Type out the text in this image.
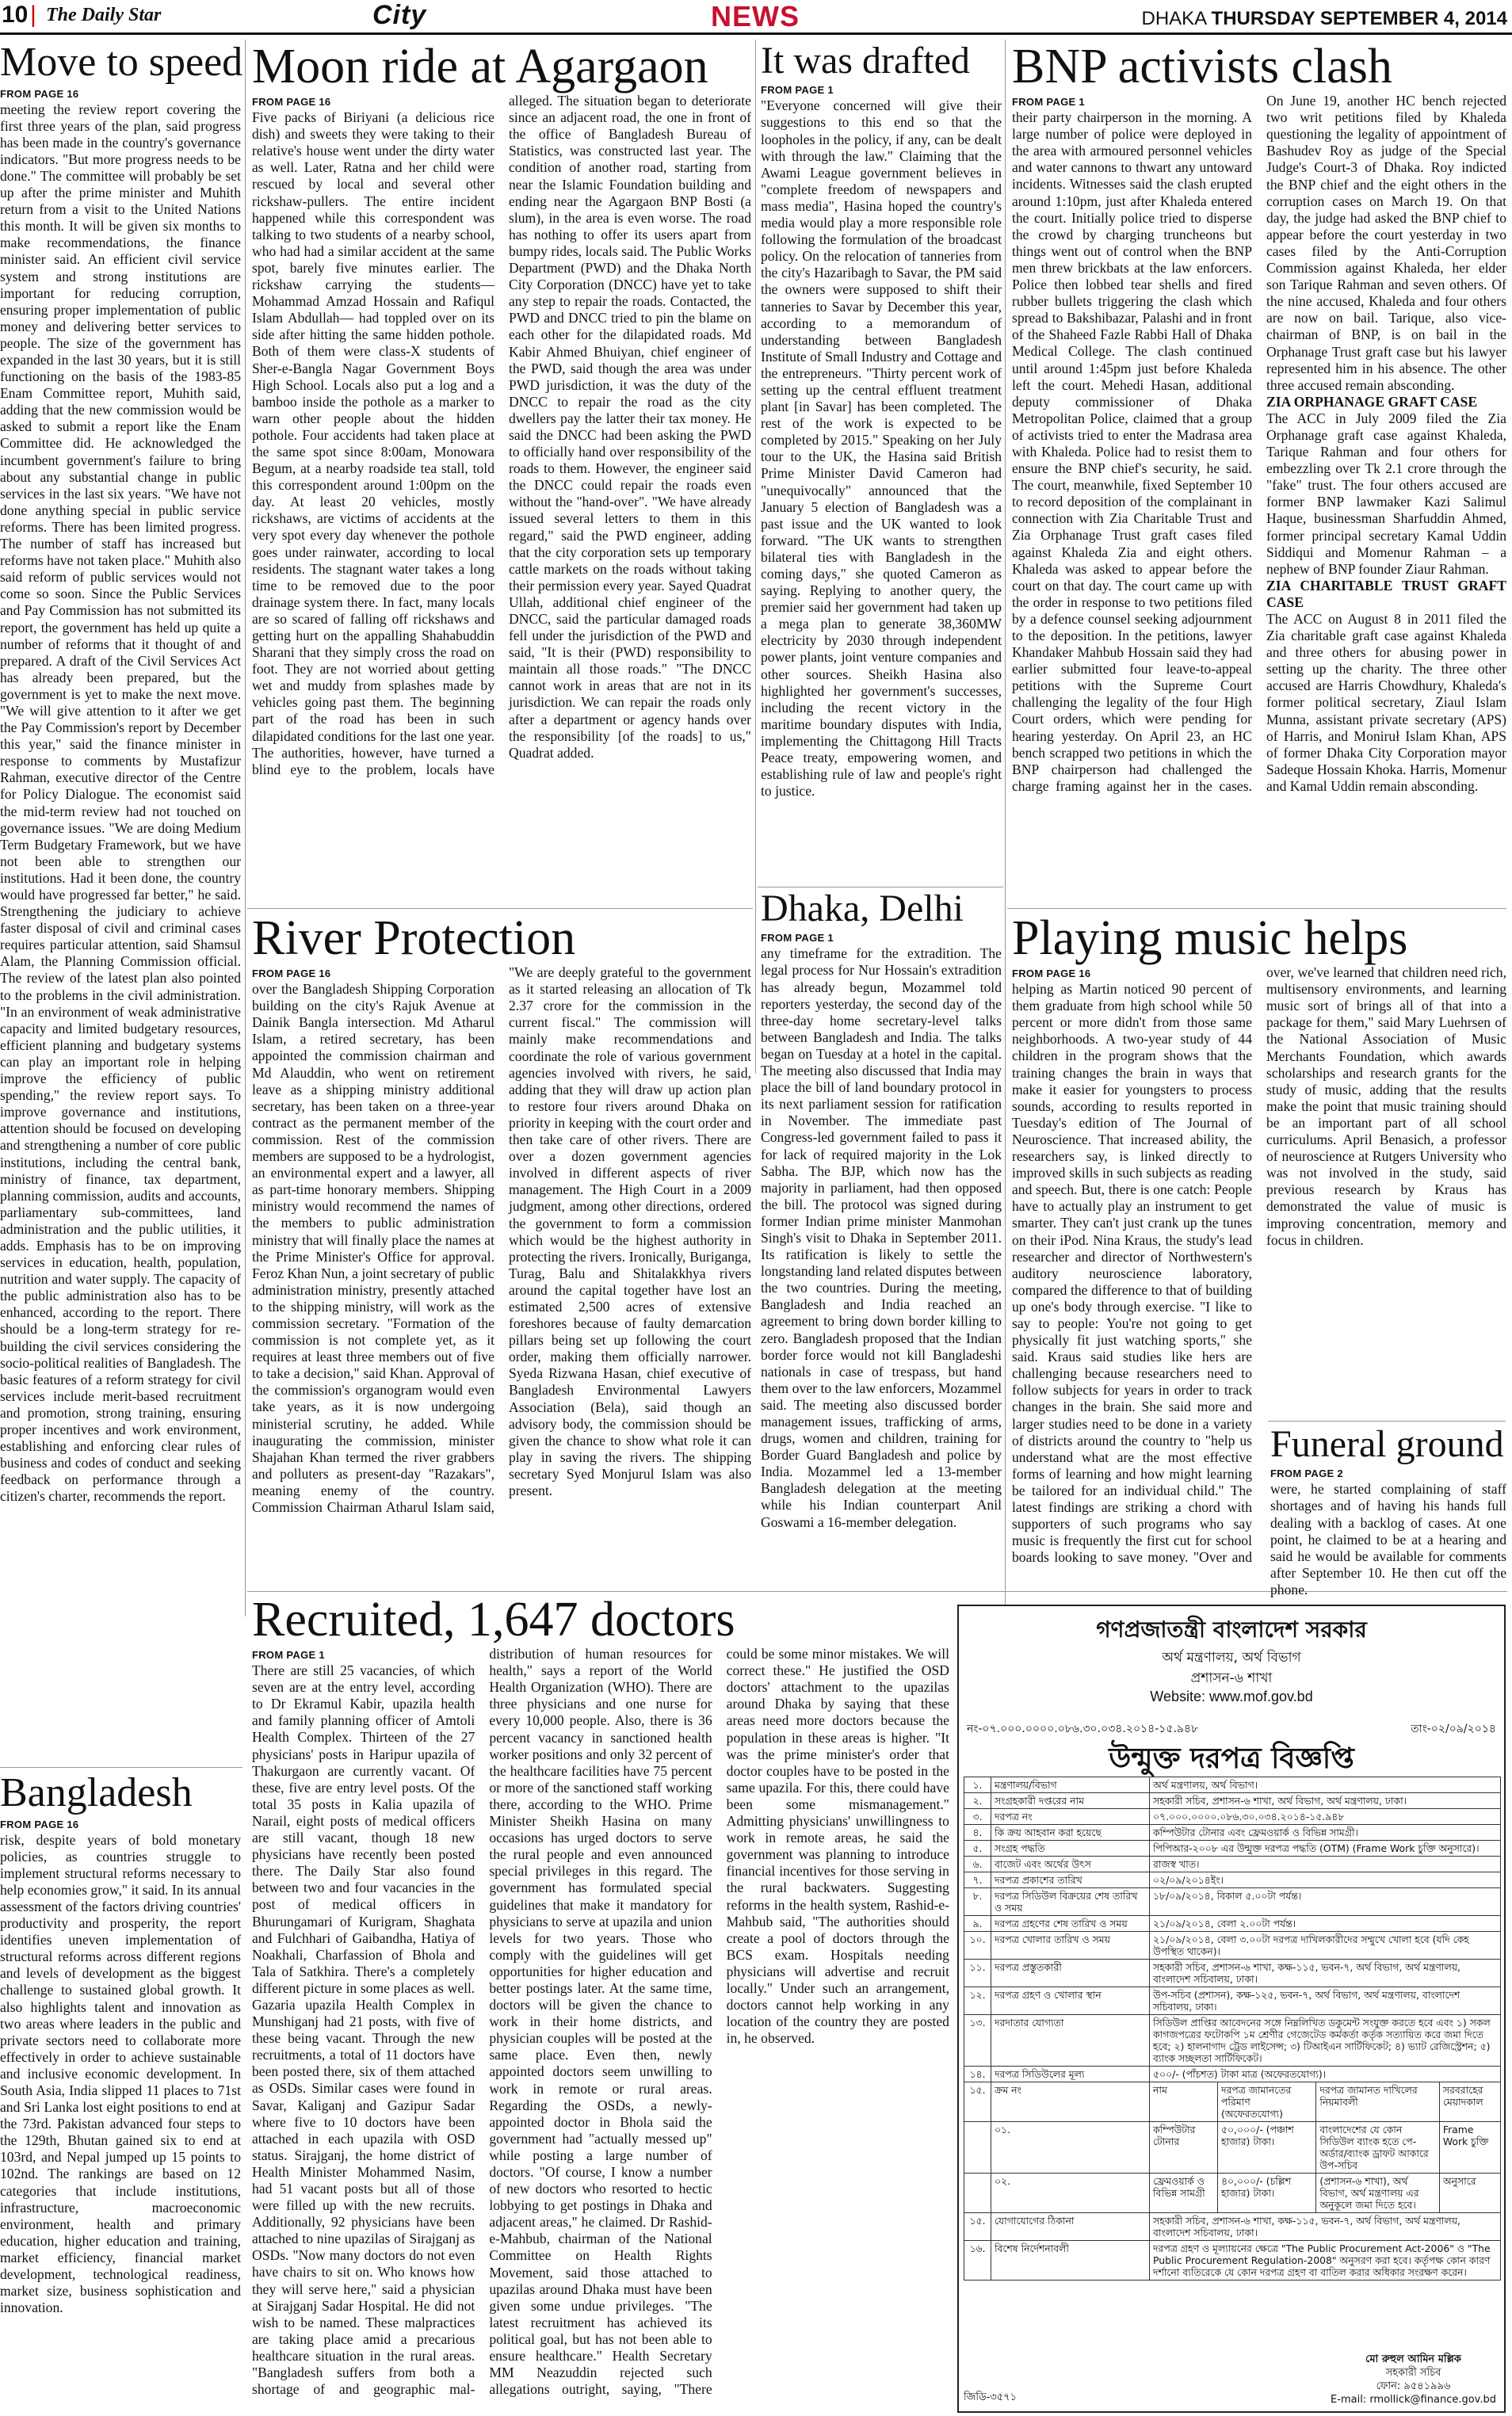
10 | The Daily Star	City	NEWS	DHAKA THURSDAY SEPTEMBER 4, 2014
Move to speed
FROM PAGE 16
meeting the review report covering the first three years of the plan, said progress has been made in the country's governance indicators. "But more progress needs to be done." The committee will probably be set up after the prime minister and Muhith return from a visit to the United Nations this month. It will be given six months to make recommendations, the finance minister said. An efficient civil service system and strong institutions are important for reducing corruption, ensuring proper implementation of public money and delivering better services to people. The size of the government has expanded in the last 30 years, but it is still functioning on the basis of the 1983-85 Enam Committee report, Muhith said, adding that the new commission would be asked to submit a report like the Enam Committee did. He acknowledged the incumbent government's failure to bring about any substantial change in public services in the last six years. "We have not done anything special in public service reforms. There has been limited progress. The number of staff has increased but reforms have not taken place." Muhith also said reform of public services would not come so soon. Since the Public Services and Pay Commission has not submitted its report, the government has held up quite a number of reforms that it thought of and prepared. A draft of the Civil Services Act has already been prepared, but the government is yet to make the next move. "We will give attention to it after we get the Pay Commission's report by December this year," said the finance minister in response to comments by Mustafizur Rahman, executive director of the Centre for Policy Dialogue. The economist said the mid-term review had not touched on governance issues. "We are doing Medium Term Budgetary Framework, but we have not been able to strengthen our institutions. Had it been done, the country would have progressed far better," he said. Strengthening the judiciary to achieve faster disposal of civil and criminal cases requires particular attention, said Shamsul Alam, the Planning Commission official. The review of the latest plan also pointed to the problems in the civil administration. "In an environment of weak administrative capacity and limited budgetary resources, efficient planning and budgetary systems can play an important role in helping improve the efficiency of public spending," the review report says. To improve governance and institutions, attention should be focused on developing and strengthening a number of core public institutions, including the central bank, ministry of finance, tax department, planning commission, audits and accounts, parliamentary sub-committees, land administration and the public utilities, it adds. Emphasis has to be on improving services in education, health, population, nutrition and water supply. The capacity of the public administration also has to be enhanced, according to the report. There should be a long-term strategy for re-building the civil services considering the socio-political realities of Bangladesh. The basic features of a reform strategy for civil services include merit-based recruitment and promotion, strong training, ensuring proper incentives and work environment, establishing and enforcing clear rules of business and codes of conduct and seeking feedback on performance through a citizen's charter, recommends the report.
Moon ride at Agargaon
FROM PAGE 16

Five packs of Biriyani (a delicious rice dish) and sweets they were taking to their relative's house went under the dirty water as well. Later, Ratna and her child were rescued by local and several other rickshaw-pullers. The entire incident happened while this correspondent was talking to two students of a nearby school, who had had a similar accident at the same spot, barely five minutes earlier. The rickshaw carrying the students—Mohammad Amzad Hossain and Rafiqul Islam Abdullah— had toppled over on its side after hitting the same hidden pothole. Both of them were class-X students of Sher-e-Bangla Nagar Government Boys High School. Locals also put a log and a bamboo inside the pothole as a marker to warn other people about the hidden pothole. Four accidents had taken place at the same spot since 8:00am, Monowara Begum, at a nearby roadside tea stall, told this correspondent around 1:00pm on the day. At least 20 vehicles, mostly rickshaws, are victims of accidents at the very spot every day whenever the pothole goes under rainwater, according to local residents. The stagnant water takes a long time to be removed due to the poor drainage system there. In fact, many locals are so scared of falling off rickshaws and getting hurt on the appalling Shahabuddin Sharani that they simply cross the road on foot. They are not worried about getting wet and muddy from splashes made by vehicles going past them. The beginning part of the road has been in such dilapidated conditions for the last one year. The authorities, however, have turned a blind eye to the problem, locals have alleged. The situation began to deteriorate since an adjacent road, the one in front of the office of Bangladesh Bureau of Statistics, was constructed last year. The condition of another road, starting from near the Islamic Foundation building and ending near the Agargaon BNP Bosti (a slum), in the area is even worse. The road has nothing to offer its users apart from bumpy rides, locals said. The Public Works Department (PWD) and the Dhaka North City Corporation (DNCC) have yet to take any step to repair the roads. Contacted, the PWD and DNCC tried to pin the blame on each other for the dilapidated roads. Md Kabir Ahmed Bhuiyan, chief engineer of the PWD, said though the area was under PWD jurisdiction, it was the duty of the DNCC to repair the road as the city dwellers pay the latter their tax money. He said the DNCC had been asking the PWD to officially hand over responsibility of the roads to them. However, the engineer said the DNCC could repair the roads even without the "hand-over". "We have already issued several letters to them in this regard," said the PWD engineer, adding that the city corporation sets up temporary cattle markets on the roads without taking their permission every year. Sayed Quadrat Ullah, additional chief engineer of the DNCC, said the particular damaged roads fell under the jurisdiction of the PWD and said, "It is their (PWD) responsibility to maintain all those roads." "The DNCC cannot work in areas that are not in its jurisdiction. We can repair the roads only after a department or agency hands over the responsibility [of the roads] to us," Quadrat added.

It was drafted
FROM PAGE 1
"Everyone concerned will give their suggestions to this end so that the loopholes in the policy, if any, can be dealt with through the law." Claiming that the Awami League government believes in "complete freedom of newspapers and mass media", Hasina hoped the country's media would play a more responsible role following the formulation of the broadcast policy. On the relocation of tanneries from the city's Hazaribagh to Savar, the PM said the owners were supposed to shift their tanneries to Savar by December this year, according to a memorandum of understanding between Bangladesh Institute of Small Industry and Cottage and the entrepreneurs. "Thirty percent work of setting up the central effluent treatment plant [in Savar] has been completed. The rest of the work is expected to be completed by 2015." Speaking on her July tour to the UK, the Hasina said British Prime Minister David Cameron had "unequivocally" announced that the January 5 election of Bangladesh was a past issue and the UK wanted to look forward. "The UK wants to strengthen bilateral ties with Bangladesh in the coming days," she quoted Cameron as saying. Replying to another query, the premier said her government had taken up a mega plan to generate 38,360MW electricity by 2030 through independent power plants, joint venture companies and other sources. Sheikh Hasina also highlighted her government's successes, including the recent victory in the maritime boundary disputes with India, implementing the Chittagong Hill Tracts Peace treaty, empowering women, and establishing rule of law and people's right to justice.
BNP activists clash
FROM PAGE 1

their party chairperson in the morning. A large number of police were deployed in the area with armoured personnel vehicles and water cannons to thwart any untoward incidents. Witnesses said the clash erupted around 1:10pm, just after Khaleda entered the court. Initially police tried to disperse the crowd by charging truncheons but things went out of control when the BNP men threw brickbats at the law enforcers. Police then lobbed tear shells and fired rubber bullets triggering the clash which spread to Bakshibazar, Palashi and in front of the Shaheed Fazle Rabbi Hall of Dhaka Medical College. The clash continued until around 1:45pm just before Khaleda left the court. Mehedi Hasan, additional deputy commissioner of Dhaka Metropolitan Police, claimed that a group of activists tried to enter the Madrasa area with Khaleda. Police had to resist them to ensure the BNP chief's security, he said. The court, meanwhile, fixed September 10 to record deposition of the complainant in connection with Zia Charitable Trust and Zia Orphanage Trust graft cases filed against Khaleda Zia and eight others. Khaleda was asked to appear before the court on that day. The court came up with the order in response to two petitions filed by a defence counsel seeking adjournment to the deposition. In the petitions, lawyer Khandaker Mahbub Hossain said they had earlier submitted four leave-to-appeal petitions with the Supreme Court challenging the legality of the four High Court orders, which were pending for hearing yesterday. On April 23, an HC bench scrapped two petitions in which the BNP chairperson had challenged the charge framing against her in the cases. On June 19, another HC bench rejected two writ petitions filed by Khaleda questioning the legality of appointment of Bashudev Roy as judge of the Special Judge's Court-3 of Dhaka. Roy indicted the BNP chief and the eight others in the corruption cases on March 19. On that day, the judge had asked the BNP chief to appear before the court yesterday in two cases filed by the Anti-Corruption Commission against Khaleda, her elder son Tarique Rahman and seven others. Of the nine accused, Khaleda and four others are now on bail. Tarique, also vice-chairman of BNP, is on bail in the Orphanage Trust graft case but his lawyer represented him in his absence. The other three accused remain absconding.

ZIA ORPHANAGE GRAFT CASE

The ACC in July 2009 filed the Zia Orphanage graft case against Khaleda, Tarique Rahman and four others for embezzling over Tk 2.1 crore through the "fake" trust. The four others accused are former BNP lawmaker Kazi Salimul Haque, businessman Sharfuddin Ahmed, former principal secretary Kamal Uddin Siddiqui and Momenur Rahman – a nephew of BNP founder Ziaur Rahman.

ZIA CHARITABLE TRUST GRAFT CASE

The ACC on August 8 in 2011 filed the Zia charitable graft case against Khaleda and three others for abusing power in setting up the charity. The three other accused are Harris Chowdhury, Khaleda's former political secretary, Ziaul Islam Munna, assistant private secretary (APS) of Harris, and Moniruł Islam Khan, APS of former Dhaka City Corporation mayor Sadeque Hossain Khoka. Harris, Momenur and Kamal Uddin remain absconding.

River Protection
FROM PAGE 16

over the Bangladesh Shipping Corporation building on the city's Rajuk Avenue at Dainik Bangla intersection. Md Atharul Islam, a retired secretary, has been appointed the commission chairman and Md Alauddin, who went on retirement leave as a shipping ministry additional secretary, has been taken on a three-year contract as the permanent member of the commission. Rest of the commission members are supposed to be a hydrologist, an environmental expert and a lawyer, all as part-time honorary members. Shipping ministry would recommend the names of the members to public administration ministry that will finally place the names at the Prime Minister's Office for approval. Feroz Khan Nun, a joint secretary of public administration ministry, presently attached to the shipping ministry, will work as the commission secretary. "Formation of the commission is not complete yet, as it requires at least three members out of five to take a decision," said Khan. Approval of the commission's organogram would even take years, as it is now undergoing ministerial scrutiny, he added. While inaugurating the commission, minister Shajahan Khan termed the river grabbers and polluters as present-day "Razakars", meaning enemy of the country. Commission Chairman Atharul Islam said, "We are deeply grateful to the government as it started releasing an allocation of Tk 2.37 crore for the commission in the current fiscal." The commission will mainly make recommendations and coordinate the role of various government agencies involved with rivers, he said, adding that they will draw up action plan to restore four rivers around Dhaka on priority in keeping with the court order and then take care of other rivers. There are over a dozen government agencies involved in different aspects of river management. The High Court in a 2009 judgment, among other directions, ordered the government to form a commission which would be the highest authority in protecting the rivers. Ironically, Buriganga, Turag, Balu and Shitalakkhya rivers around the capital together have lost an estimated 2,500 acres of extensive foreshores because of faulty demarcation pillars being set up following the court order, making them officially narrower. Syeda Rizwana Hasan, chief executive of Bangladesh Environmental Lawyers Association (Bela), said though an advisory body, the commission should be given the chance to show what role it can play in saving the rivers. The shipping secretary Syed Monjurul Islam was also present.

Dhaka, Delhi
FROM PAGE 1
any timeframe for the extradition. The legal process for Nur Hossain's extradition has already begun, Mozammel told reporters yesterday, the second day of the three-day home secretary-level talks between Bangladesh and India. The talks began on Tuesday at a hotel in the capital. The meeting also discussed that India may place the bill of land boundary protocol in its next parliament session for ratification in November. The immediate past Congress-led government failed to pass it for lack of required majority in the Lok Sabha. The BJP, which now has the majority in parliament, had then opposed the bill. The protocol was signed during former Indian prime minister Manmohan Singh's visit to Dhaka in September 2011. Its ratification is likely to settle the longstanding land related disputes between the two countries. During the meeting, Bangladesh and India reached an agreement to bring down border killing to zero. Bangladesh proposed that the Indian border force would not kill Bangladeshi nationals in case of trespass, but hand them over to the law enforcers, Mozammel said. The meeting also discussed border management issues, trafficking of arms, drugs, women and children, training for Border Guard Bangladesh and police by India. Mozammel led a 13-member Bangladesh delegation at the meeting while his Indian counterpart Anil Goswami a 16-member delegation.
Playing music helps
FROM PAGE 16

helping as Martin noticed 90 percent of them graduate from high school while 50 percent or more didn't from those same neighborhoods. A two-year study of 44 children in the program shows that the training changes the brain in ways that make it easier for youngsters to process sounds, according to results reported in Tuesday's edition of The Journal of Neuroscience. That increased ability, the researchers say, is linked directly to improved skills in such subjects as reading and speech. But, there is one catch: People have to actually play an instrument to get smarter. They can't just crank up the tunes on their iPod. Nina Kraus, the study's lead researcher and director of Northwestern's auditory neuroscience laboratory, compared the difference to that of building up one's body through exercise. "I like to say to people: You're not going to get physically fit just watching sports," she said. Kraus said studies like hers are challenging because researchers need to follow subjects for years in order to track changes in the brain. She said more and larger studies need to be done in a variety of districts around the country to "help us understand what are the most effective forms of learning and how might learning be tailored for an individual child." The latest findings are striking a chord with supporters of such programs who say music is frequently the first cut for school boards looking to save money. "Over and over, we've learned that children need rich, multisensory environments, and learning music sort of brings all of that into a package for them," said Mary Luehrsen of the National Association of Music Merchants Foundation, which awards scholarships and research grants for the study of music, adding that the results make the point that music training should be an important part of all school curriculums. April Benasich, a professor of neuroscience at Rutgers University who was not involved in the study, said previous research by Kraus has demonstrated the value of music is improving concentration, memory and focus in children.

Funeral ground
FROM PAGE 2
were, he started complaining of staff shortages and of having his hands full dealing with a backlog of cases. At one point, he claimed to be at a hearing and said he would be available for comments after September 10. He then cut off the phone.
Bangladesh
FROM PAGE 16
risk, despite years of bold monetary policies, as countries struggle to implement structural reforms necessary to help economies grow," it said. In its annual assessment of the factors driving countries' productivity and prosperity, the report identifies uneven implementation of structural reforms across different regions and levels of development as the biggest challenge to sustained global growth. It also highlights talent and innovation as two areas where leaders in the public and private sectors need to collaborate more effectively in order to achieve sustainable and inclusive economic development. In South Asia, India slipped 11 places to 71st and Sri Lanka lost eight positions to end at the 73rd. Pakistan advanced four steps to the 129th, Bhutan gained six to end at 103rd, and Nepal jumped up 15 points to 102nd. The rankings are based on 12 categories that include institutions, infrastructure, macroeconomic environment, health and primary education, higher education and training, market efficiency, financial market development, technological readiness, market size, business sophistication and innovation.
Recruited, 1,647 doctors
FROM PAGE 1

There are still 25 vacancies, of which seven are at the entry level, according to Dr Ekramul Kabir, upazila health and family planning officer of Amtoli Health Complex. Thirteen of the 27 physicians' posts in Haripur upazila of Thakurgaon are currently vacant. Of these, five are entry level posts. Of the total 35 posts in Kalia upazila of Narail, eight posts of medical officers are still vacant, though 18 new physicians have recently been posted there. The Daily Star also found between two and four vacancies in the post of medical officers in Bhurungamari of Kurigram, Shaghata and Fulchhari of Gaibandha, Hatiya of Noakhali, Charfassion of Bhola and Tala of Satkhira. There's a completely different picture in some places as well. Gazaria upazila Health Complex in Munshiganj had 21 posts, with five of these being vacant. Through the new recruitments, a total of 11 doctors have been posted there, six of them attached as OSDs. Similar cases were found in Savar, Kaliganj and Gazipur Sadar where five to 10 doctors have been attached in each upazila with OSD status. Sirajganj, the home district of Health Minister Mohammed Nasim, had 51 vacant posts but all of those were filled up with the new recruits. Additionally, 92 physicians have been attached to nine upazilas of Sirajganj as OSDs. "Now many doctors do not even have chairs to sit on. Who knows how they will serve here," said a physician at Sirajganj Sadar Hospital. He did not wish to be named. These malpractices are taking place amid a precarious healthcare situation in the rural areas. "Bangladesh suffers from both a shortage of and geographic mal-distribution of human resources for health," says a report of the World Health Organization (WHO). There are three physicians and one nurse for every 10,000 people. Also, there is 36 percent vacancy in sanctioned health worker positions and only 32 percent of the healthcare facilities have 75 percent or more of the sanctioned staff working there, according to the WHO. Prime Minister Sheikh Hasina on many occasions has urged doctors to serve the rural people and even announced special privileges in this regard. The government has formulated special guidelines that make it mandatory for physicians to serve at upazila and union levels for two years. Those who comply with the guidelines will get opportunities for higher education and better postings later. At the same time, doctors will be given the chance to work in their home districts, and physician couples will be posted at the same place. Even then, newly appointed doctors seem unwilling to work in remote or rural areas. Regarding the OSDs, a newly-appointed doctor in Bhola said the government had "actually messed up" while posting a large number of doctors. "Of course, I know a number of new doctors who resorted to hectic lobbying to get postings in Dhaka and adjacent areas," he claimed. Dr Rashid-e-Mahbub, chairman of the National Committee on Health Rights Movement, said those attached to upazilas around Dhaka must have been given some undue privileges. "The latest recruitment has achieved its political goal, but has not been able to ensure healthcare." Health Secretary MM Neazuddin rejected such allegations outright, saying, "There could be some minor mistakes. We will correct these." He justified the OSD doctors' attachment to the upazilas around Dhaka by saying that these areas need more doctors because the population in these areas is higher. "It was the prime minister's order that doctor couples have to be posted in the same upazila. For this, there could have been some mismanagement." Admitting physicians' unwillingness to work in remote areas, he said the government was planning to introduce financial incentives for those serving in the rural backwaters. Suggesting reforms in the health system, Rashid-e-Mahbub said, "The authorities should create a pool of doctors through the BCS exam. Hospitals needing physicians will advertise and recruit locally." Under such an arrangement, doctors cannot help working in any location of the country they are posted in, he observed.

গণপ্রজাতন্ত্রী বাংলাদেশ সরকার
অর্থ মন্ত্রণালয়, অর্থ বিভাগ
প্রশাসন-৬ শাখা
Website: www.mof.gov.bd
নং-০৭.০০০.০০০০.০৮৬.৩০.০৩৪.২০১৪-১৫.৯৪৮	তাং-০২/০৯/২০১৪
উন্মুক্ত দরপত্র বিজ্ঞপ্তি
১.	মন্ত্রণালয়/বিভাগ	অর্থ মন্ত্রণালয়, অর্থ বিভাগ।			
২.	সংগ্রহকারী দপ্তরের নাম	সহকারী সচিব, প্রশাসন-৬ শাখা, অর্থ বিভাগ, অর্থ মন্ত্রণালয়, ঢাকা।			
৩.	দরপত্র নং	০৭.০০০.০০০০.০৮৬.৩০.০৩৪.২০১৪-১৫.৯৪৮			
৪.	কি ক্রয় আহবান করা হয়েছে	কম্পিউটার টোনার এবং ফ্রেমওয়ার্ক ও বিভিন্ন সামগ্রী।			
৫.	সংগ্রহ পদ্ধতি	পিপিআর-২০০৮ এর উন্মুক্ত দরপত্র পদ্ধতি (OTM) (Frame Work চুক্তি অনুসারে)।			
৬.	বাজেট এবং অর্থের উৎস	রাজস্ব খাত।			
৭.	দরপত্র প্রকাশের তারিখ	০২/০৯/২০১৪ইং।			
৮.	দরপত্র সিডিউল বিক্রয়ের শেষ তারিখ ও সময়	১৮/০৯/২০১৪, বিকাল ৫.০০টা পর্যন্ত।			
৯.	দরপত্র গ্রহণের শেষ তারিখ ও সময়	২১/০৯/২০১৪, বেলা ২.০০টা পর্যন্ত।			
১০.	দরপত্র খোলার তারিখ ও সময়	২১/০৯/২০১৪, বেলা ৩.০০টা দরপত্র দাখিলকারীদের সম্মুখে খোলা হবে (যদি কেহ উপস্থিত থাকেন)।			
১১.	দরপত্র প্রস্তুতকারী	সহকারী সচিব, প্রশাসন-৬ শাখা, কক্ষ-১১৫, ভবন-৭, অর্থ বিভাগ, অর্থ মন্ত্রণালয়, বাংলাদেশ সচিবালয়, ঢাকা।			
১২.	দরপত্র গ্রহণ ও খোলার স্থান	উপ-সচিব (প্রশাসন), কক্ষ-১২৫, ভবন-৭, অর্থ বিভাগ, অর্থ মন্ত্রণালয়, বাংলাদেশ সচিবালয়, ঢাকা।			
১৩.	দরদাতার যোগ্যতা	সিডিউল প্রাপ্তির আবেদনের সঙ্গে নিম্নলিখিত ডকুমেন্ট সংযুক্ত করতে হবে এবং ১) সকল কাগজপত্রের ফটোকপি ১ম শ্রেণীর গেজেটেড কর্মকর্তা কর্তৃক সত্যায়িত করে জমা দিতে হবে; ২) হালনাগাদ ট্রেড লাইসেন্স; ৩) টিআইএন সার্টিফিকেট; ৪) ভ্যাট রেজিস্ট্রেশন; ৫) ব্যাংক সচ্ছলতা সার্টিফিকেট।			
১৪.	দরপত্র সিডিউলের মূল্য	৫০০/- (পাঁচশত) টাকা মাত্র (অফেরতযোগ্য)।			
১৫.	ক্রম নং	নাম	দরপত্র জামানতের পরিমাণ (অফেরতযোগ্য)	দরপত্র জামানত দাখিলের নিয়মাবলী	সরবরাহের মেয়াদকাল
	০১.	কম্পিউটার টোনার	৫০,০০০/- (পঞ্চাশ হাজার) টাকা।	বাংলাদেশের যে কোন সিডিউল ব্যাংক হতে পে-অর্ডার/ব্যাংক ড্রাফট আকারে উপ-সচিব	Frame Work চুক্তি
	০২.	ফ্রেমওয়ার্ক ও বিভিন্ন সামগ্রী	৪০,০০০/- (চল্লিশ হাজার) টাকা।	(প্রশাসন-৬ শাখা), অর্থ বিভাগ, অর্থ মন্ত্রণালয় এর অনুকূলে জমা দিতে হবে।	অনুসারে
১৫.	যোগাযোগের ঠিকানা	সহকারী সচিব, প্রশাসন-৬ শাখা, কক্ষ-১১৫, ভবন-৭, অর্থ বিভাগ, অর্থ মন্ত্রণালয়, বাংলাদেশ সচিবালয়, ঢাকা।			
১৬.	বিশেষ নির্দেশনাবলী	দরপত্র গ্রহণ ও মূল্যায়নের ক্ষেত্রে "The Public Procurement Act-2006" ও "The Public Procurement Regulation-2008" অনুসরণ করা হবে। কর্তৃপক্ষ কোন কারণ দর্শানো ব্যতিরেকে যে কোন দরপত্র গ্রহণ বা বাতিল করার অধিকার সংরক্ষণ করেন।			
জিডি-৩৫৭১
মো রুহুল আমিন মল্লিক
সহকারী সচিব
ফোন: ৯৫৪১৯৯৬
E-mail: rmollick@finance.gov.bd
